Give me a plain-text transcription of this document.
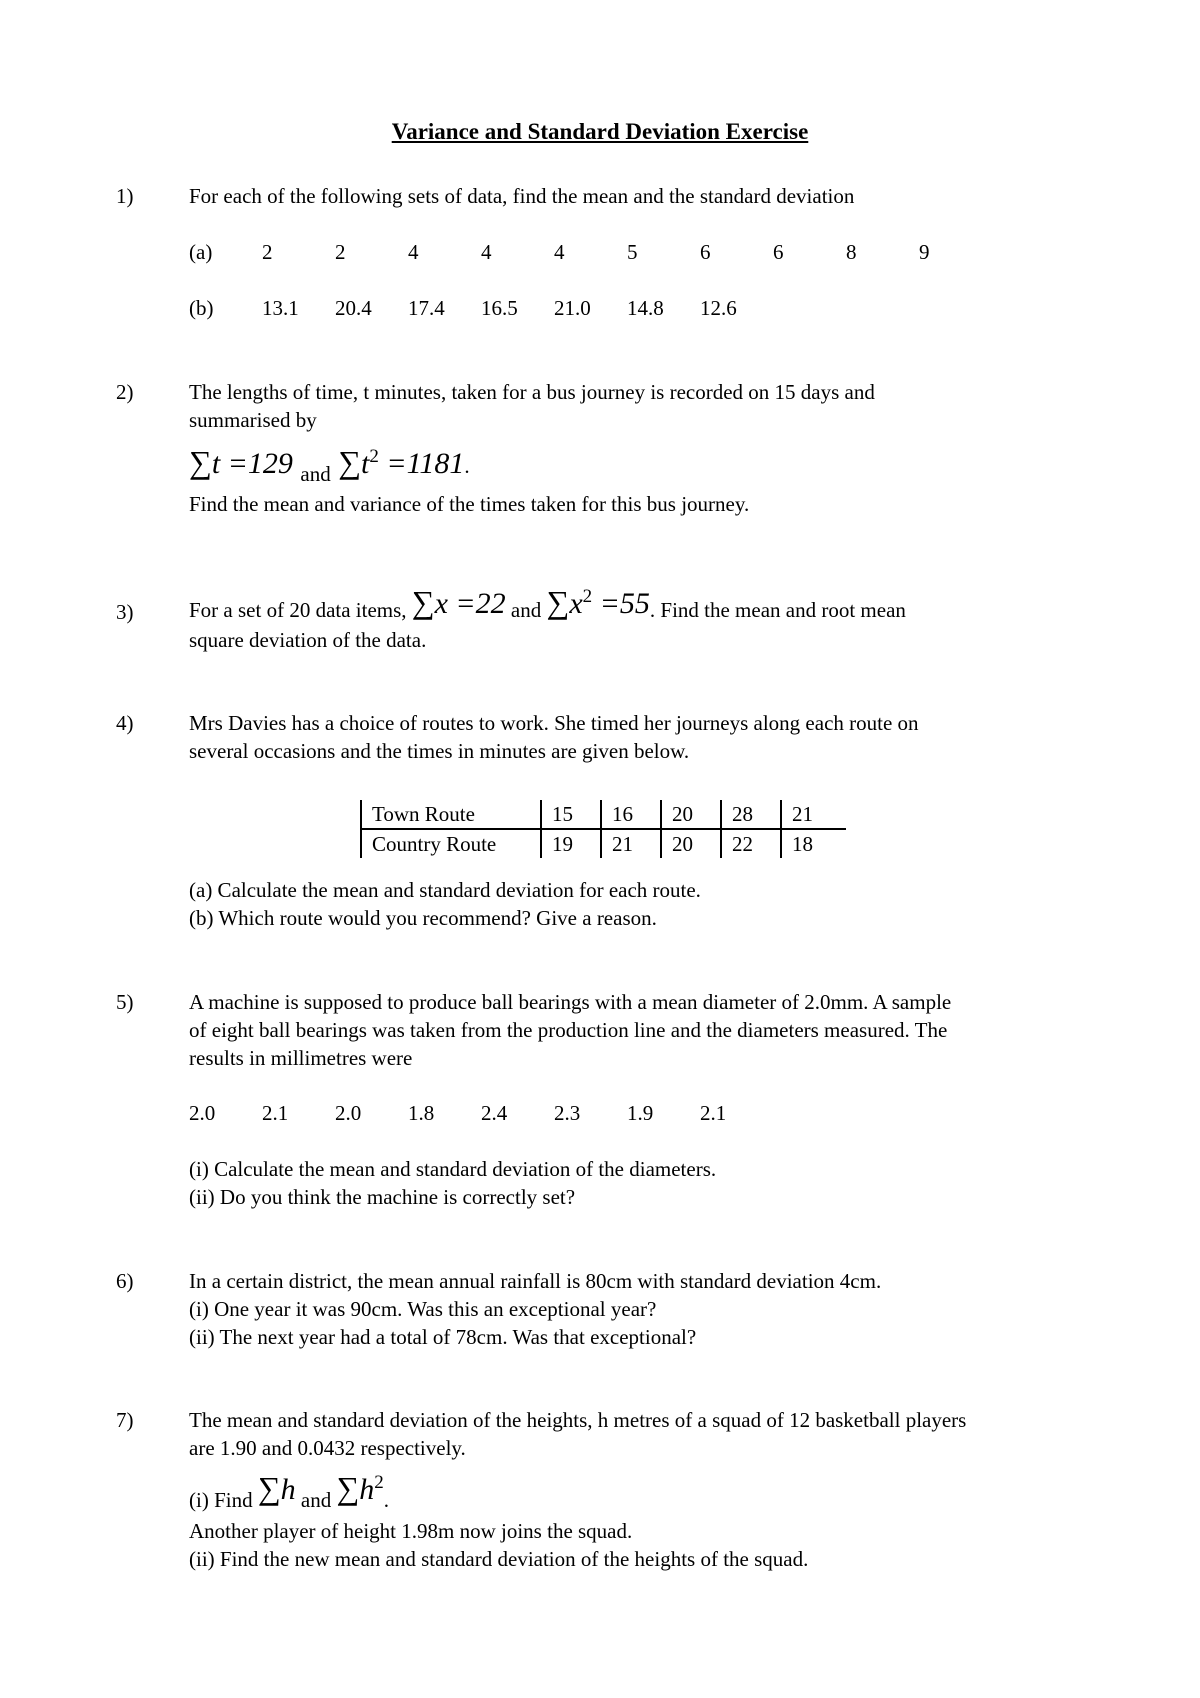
Variance and Standard Deviation Exercise
1)	For each of the following sets of data, find the mean and the standard deviation
(a)	2	2	4	4	4	5	6	6	8	9
(b)	13.1	20.4	17.4	16.5	21.0	14.8	12.6
2)	The lengths of time, t minutes, taken for a bus journey is recorded on 15 days and
summarised by
∑t =129 $_{and}$ $\sum t^2 =1181$.
Find the mean and variance of the times taken for this bus journey.
3)	For a set of 20 data items, ∑x =22 and $\sum x^2 =55$. Find the mean and root mean
square deviation of the data.
4)	Mrs Davies has a choice of routes to work. She timed her journeys along each route on
several occasions and the times in minutes are given below.
Town Route	15	16	20	28	21
Country Route	19	21	20	22	18
(a) Calculate the mean and standard deviation for each route.
(b) Which route would you recommend? Give a reason.
5)	A machine is supposed to produce ball bearings with a mean diameter of 2.0mm. A sample
of eight ball bearings was taken from the production line and the diameters measured. The
results in millimetres were
2.0	2.1	2.0	1.8	2.4	2.3	1.9	2.1
(i) Calculate the mean and standard deviation of the diameters.
(ii) Do you think the machine is correctly set?
6)	In a certain district, the mean annual rainfall is 80cm with standard deviation 4cm.
(i) One year it was 90cm. Was this an exceptional year?
(ii) The next year had a total of 78cm. Was that exceptional?
7)	The mean and standard deviation of the heights, h metres of a squad of 12 basketball players
are 1.90 and 0.0432 respectively.
(i) Find ∑h and $\sum h^2$.
Another player of height 1.98m now joins the squad.
(ii) Find the new mean and standard deviation of the heights of the squad.
